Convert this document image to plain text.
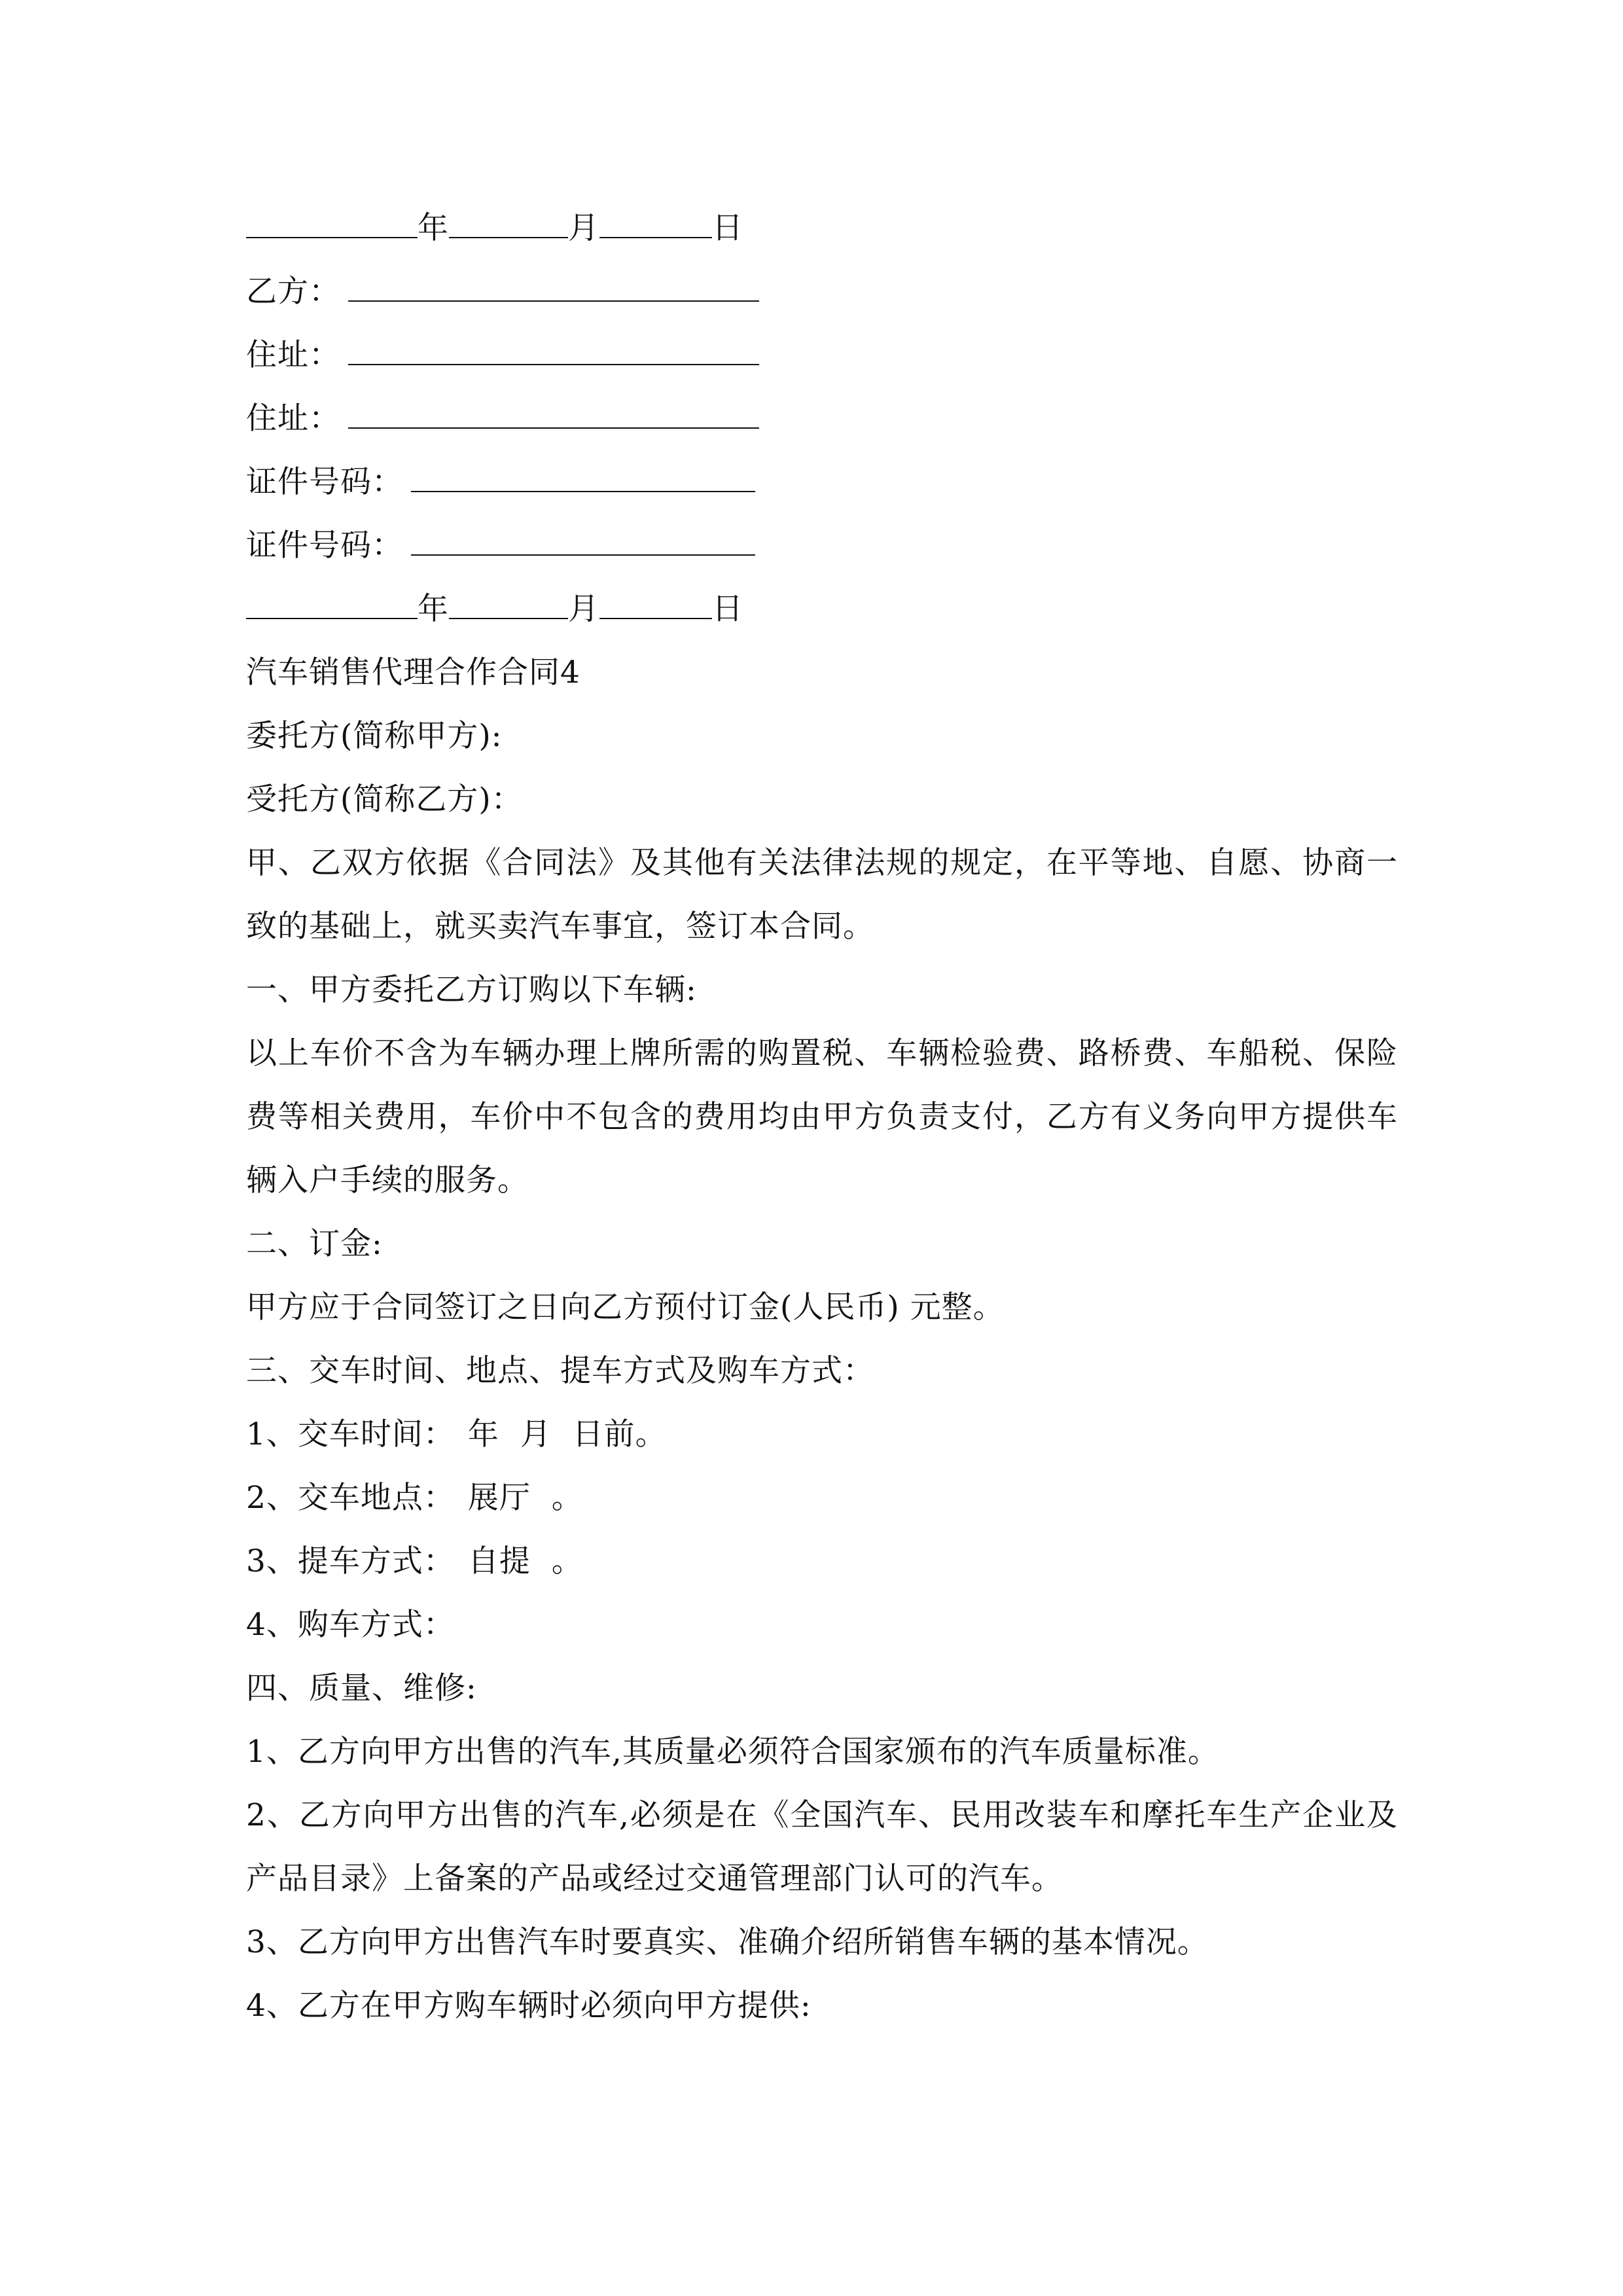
年	月	日
乙方：
住址：
住址：
证件号码：
证件号码：
年	月	日
汽车销售代理合作合同4
委托方(简称甲方):
受托方(简称乙方)：
甲、乙双方依据《合同法》及其他有关法律法规的规定，在平等地、自愿、协商一致的基础上，就买卖汽车事宜，签订本合同。
一、甲方委托乙方订购以下车辆:
以上车价不含为车辆办理上牌所需的购置税、车辆检验费、路桥费、车船税、保险费等相关费用，车价中不包含的费用均由甲方负责支付，乙方有义务向甲方提供车辆入户手续的服务。
二、订金:
甲方应于合同签订之日向乙方预付订金(人民币) 元整。
三、交车时间、地点、提车方式及购车方式：
1、交车时间： 年  月  日前。
2、交车地点： 展厅  。
3、提车方式： 自提  。
4、购车方式：
四、质量、维修:
1、乙方向甲方出售的汽车,其质量必须符合国家颁布的汽车质量标准。
2、乙方向甲方出售的汽车,必须是在《全国汽车、民用改装车和摩托车生产企业及产品目录》上备案的产品或经过交通管理部门认可的汽车。
3、乙方向甲方出售汽车时要真实、准确介绍所销售车辆的基本情况。
4、乙方在甲方购车辆时必须向甲方提供:
